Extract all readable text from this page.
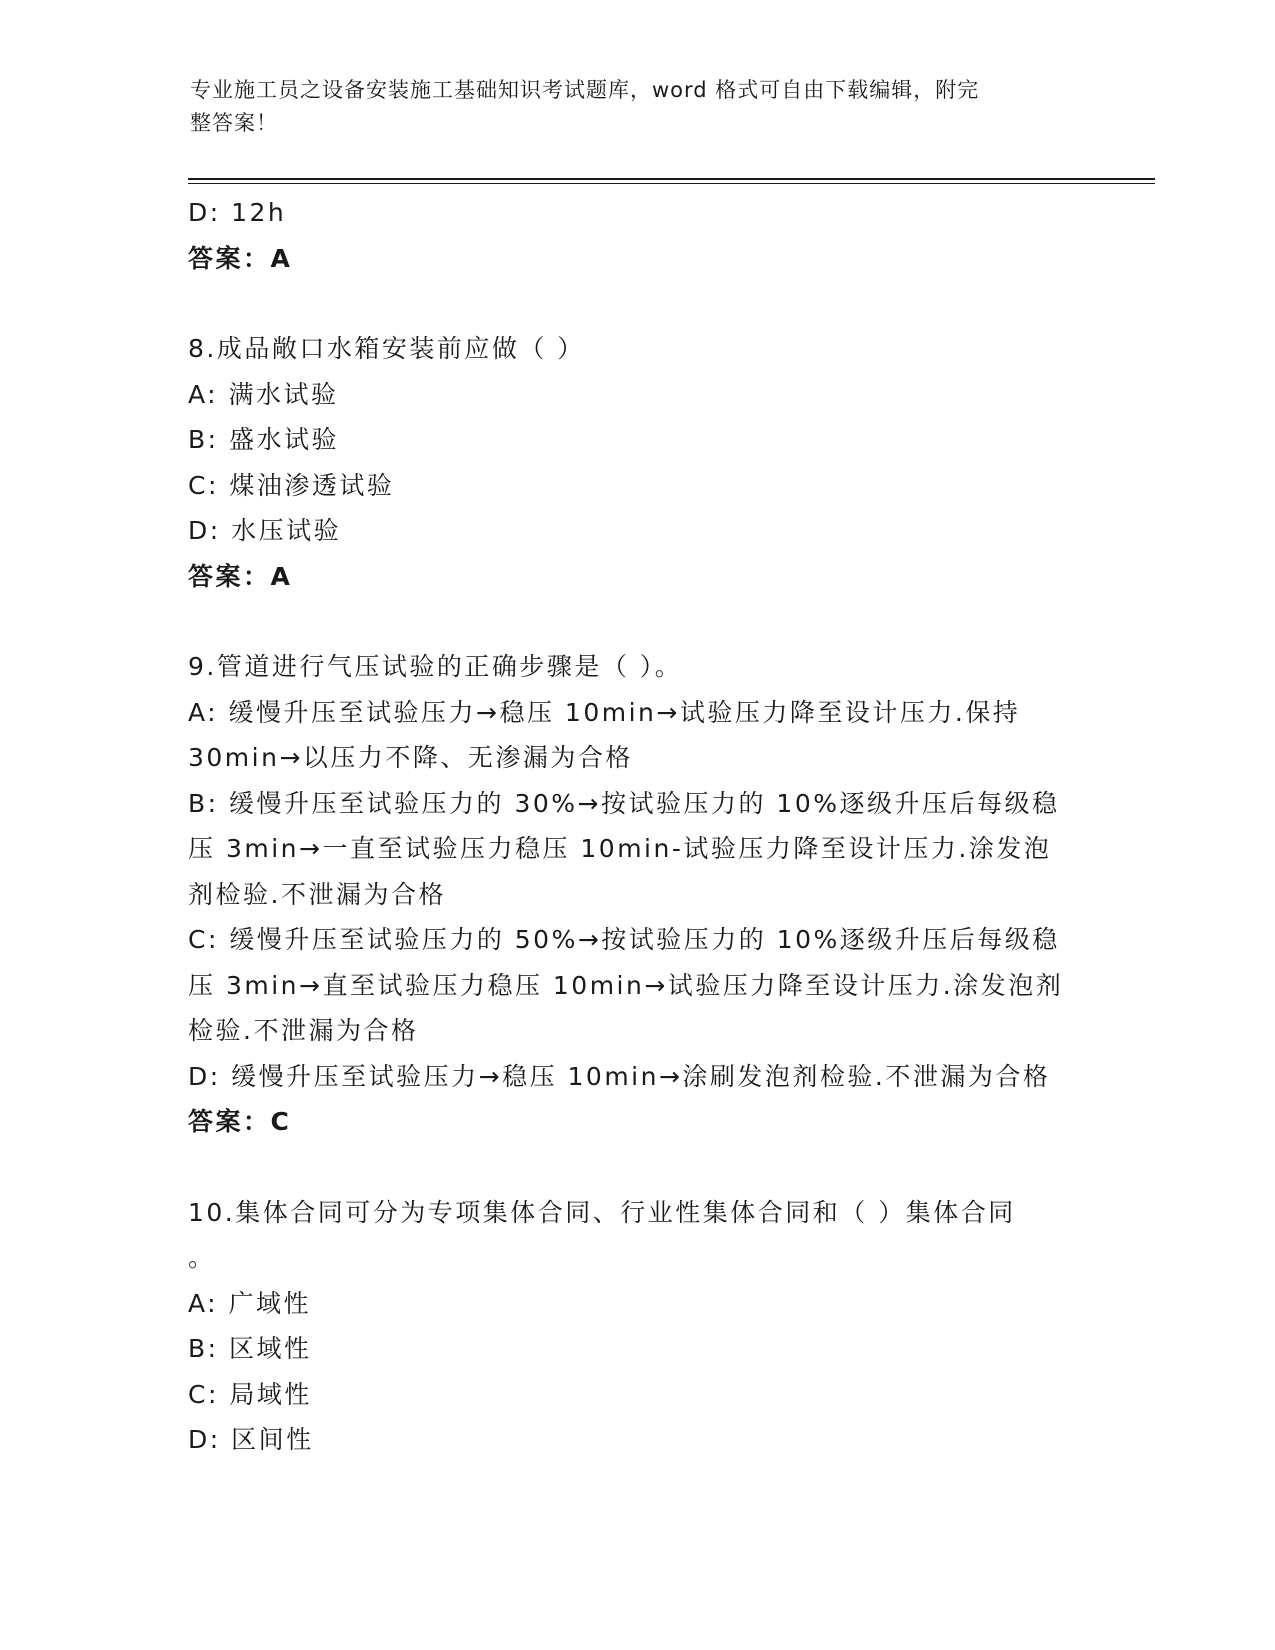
专业施工员之设备安装施工基础知识考试题库，word 格式可自由下载编辑，附完
整答案！
D: 12h
答案：A
8.成品敞口水箱安装前应做（ ）
A: 满水试验
B: 盛水试验
C: 煤油渗透试验
D: 水压试验
答案：A
9.管道进行气压试验的正确步骤是（ ）。
A: 缓慢升压至试验压力→稳压 10min→试验压力降至设计压力.保持
30min→以压力不降、无渗漏为合格
B: 缓慢升压至试验压力的 30%→按试验压力的 10%逐级升压后每级稳
压 3min→一直至试验压力稳压 10min-试验压力降至设计压力.涂发泡
剂检验.不泄漏为合格
C: 缓慢升压至试验压力的 50%→按试验压力的 10%逐级升压后每级稳
压 3min→直至试验压力稳压 10min→试验压力降至设计压力.涂发泡剂
检验.不泄漏为合格
D: 缓慢升压至试验压力→稳压 10min→涂刷发泡剂检验.不泄漏为合格
答案：C
10.集体合同可分为专项集体合同、行业性集体合同和（ ）集体合同
。
A: 广域性
B: 区域性
C: 局域性
D: 区间性
